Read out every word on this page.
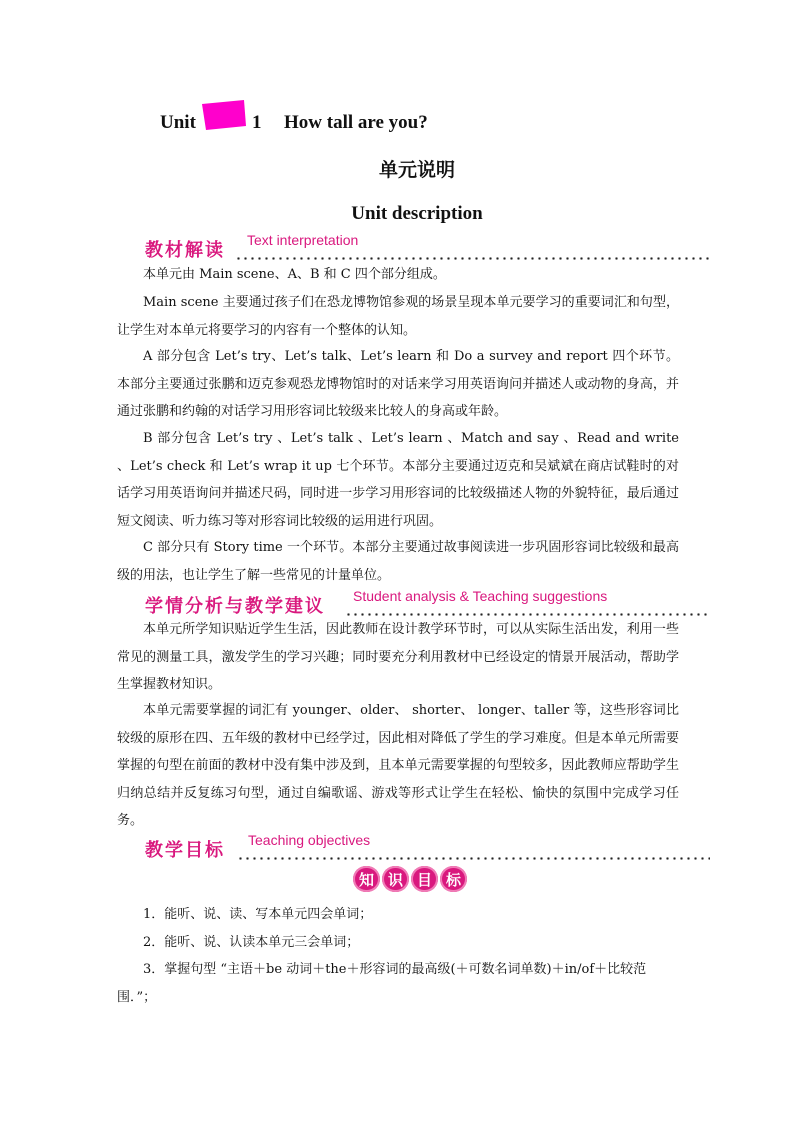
Unit	1 How tall are you?
单元说明
Unit description
教材解读 Text interpretation

本单元由 Main scene、A、B 和 C 四个部分组成。

Main scene 主要通过孩子们在恐龙博物馆参观的场景呈现本单元要学习的重要词汇和句型，让学生对本单元将要学习的内容有一个整体的认知。

A 部分包含 Let’s try、Let’s talk、Let’s learn 和 Do a survey and report 四个环节。本部分主要通过张鹏和迈克参观恐龙博物馆时的对话来学习用英语询问并描述人或动物的身高，并通过张鹏和约翰的对话学习用形容词比较级来比较人的身高或年龄。

B 部分包含 Let’s try 、Let’s talk 、Let’s learn 、Match and say 、Read and write 、Let’s check 和 Let’s wrap it up 七个环节。本部分主要通过迈克和吴斌斌在商店试鞋时的对话学习用英语询问并描述尺码，同时进一步学习用形容词的比较级描述人物的外貌特征，最后通过短文阅读、听力练习等对形容词比较级的运用进行巩固。

C 部分只有 Story time 一个环节。本部分主要通过故事阅读进一步巩固形容词比较级和最高级的用法，也让学生了解一些常见的计量单位。

学情分析与教学建议 Student analysis & Teaching suggestions

本单元所学知识贴近学生生活，因此教师在设计教学环节时，可以从实际生活出发，利用一些常见的测量工具，激发学生的学习兴趣；同时要充分利用教材中已经设定的情景开展活动，帮助学生掌握教材知识。

本单元需要掌握的词汇有 younger、older、 shorter、 longer、taller 等，这些形容词比较级的原形在四、五年级的教材中已经学过，因此相对降低了学生的学习难度。但是本单元所需要掌握的句型在前面的教材中没有集中涉及到，且本单元需要掌握的句型较多，因此教师应帮助学生归纳总结并反复练习句型，通过自编歌谣、游戏等形式让学生在轻松、愉快的氛围中完成学习任务。

教学目标 Teaching objectives
知 识 目 标

1．能听、说、读、写本单元四会单词；

2．能听、说、认读本单元三会单词；

3．掌握句型 “主语＋be 动词＋the＋形容词的最高级(＋可数名词单数)＋in/of＋比较范围．”；
